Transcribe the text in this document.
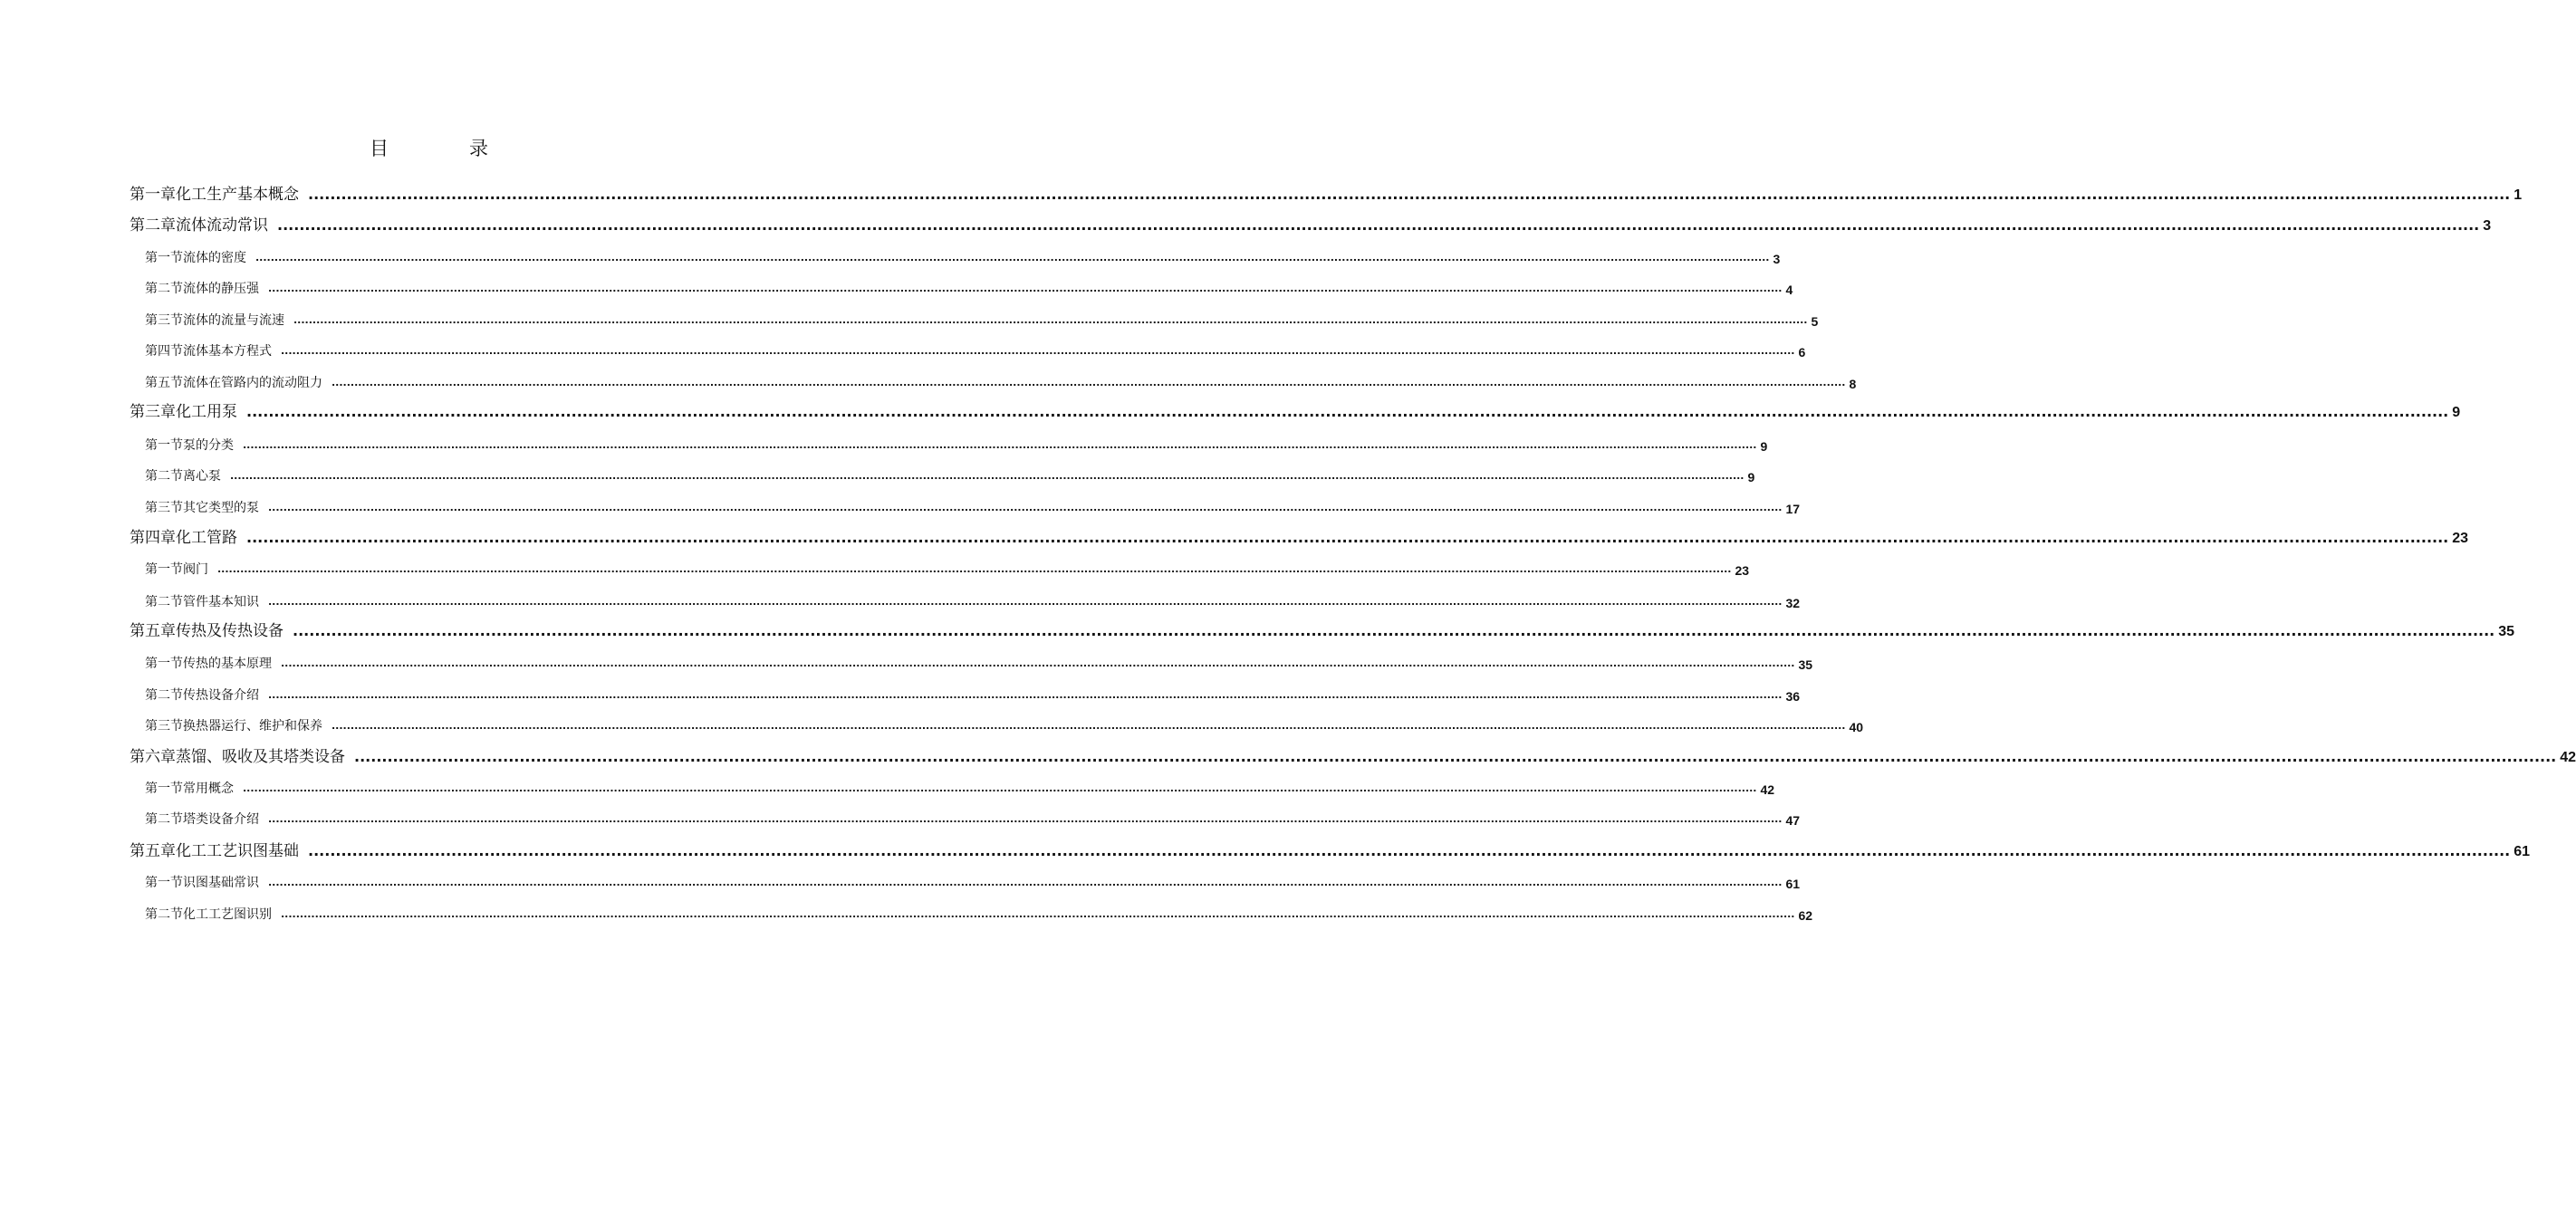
目	录
第一章 化工生产基本概念 ................................................................................................................................................................................................................................................................................................................................................................................................................ 1
第二章 流体流动常识 ................................................................................................................................................................................................................................................................................................................................................................................................................ 3
第一节 流体的密度 ................................................................................................................................................................................................................................................................................................................................................................................................................ 3
第二节 流体的静压强 ................................................................................................................................................................................................................................................................................................................................................................................................................ 4
第三节 流体的流量与流速 ................................................................................................................................................................................................................................................................................................................................................................................................................ 5
第四节 流体基本方程式 ................................................................................................................................................................................................................................................................................................................................................................................................................ 6
第五节 流体在管路内的流动阻力 ................................................................................................................................................................................................................................................................................................................................................................................................................ 8
第三章 化工用泵 ................................................................................................................................................................................................................................................................................................................................................................................................................ 9
第一节 泵的分类 ................................................................................................................................................................................................................................................................................................................................................................................................................ 9
第二节 离心泵 ................................................................................................................................................................................................................................................................................................................................................................................................................ 9
第三节 其它类型的泵 ................................................................................................................................................................................................................................................................................................................................................................................................................ 17
第四章 化工管路 ................................................................................................................................................................................................................................................................................................................................................................................................................ 23
第一节 阀门 ................................................................................................................................................................................................................................................................................................................................................................................................................ 23
第二节 管件基本知识 ................................................................................................................................................................................................................................................................................................................................................................................................................ 32
第五章 传热及传热设备 ................................................................................................................................................................................................................................................................................................................................................................................................................ 35
第一节 传热的基本原理 ................................................................................................................................................................................................................................................................................................................................................................................................................ 35
第二节 传热设备介绍 ................................................................................................................................................................................................................................................................................................................................................................................................................ 36
第三节 换热器运行、维护和保养 ................................................................................................................................................................................................................................................................................................................................................................................................................ 40
第六章 蒸馏、吸收及其塔类设备 ................................................................................................................................................................................................................................................................................................................................................................................................................ 42
第一节 常用概念 ................................................................................................................................................................................................................................................................................................................................................................................................................ 42
第二节 塔类设备介绍 ................................................................................................................................................................................................................................................................................................................................................................................................................ 47
第五章 化工工艺识图基础 ................................................................................................................................................................................................................................................................................................................................................................................................................ 61
第一节 识图基础常识 ................................................................................................................................................................................................................................................................................................................................................................................................................ 61
第二节 化工工艺图识别 ................................................................................................................................................................................................................................................................................................................................................................................................................ 62
